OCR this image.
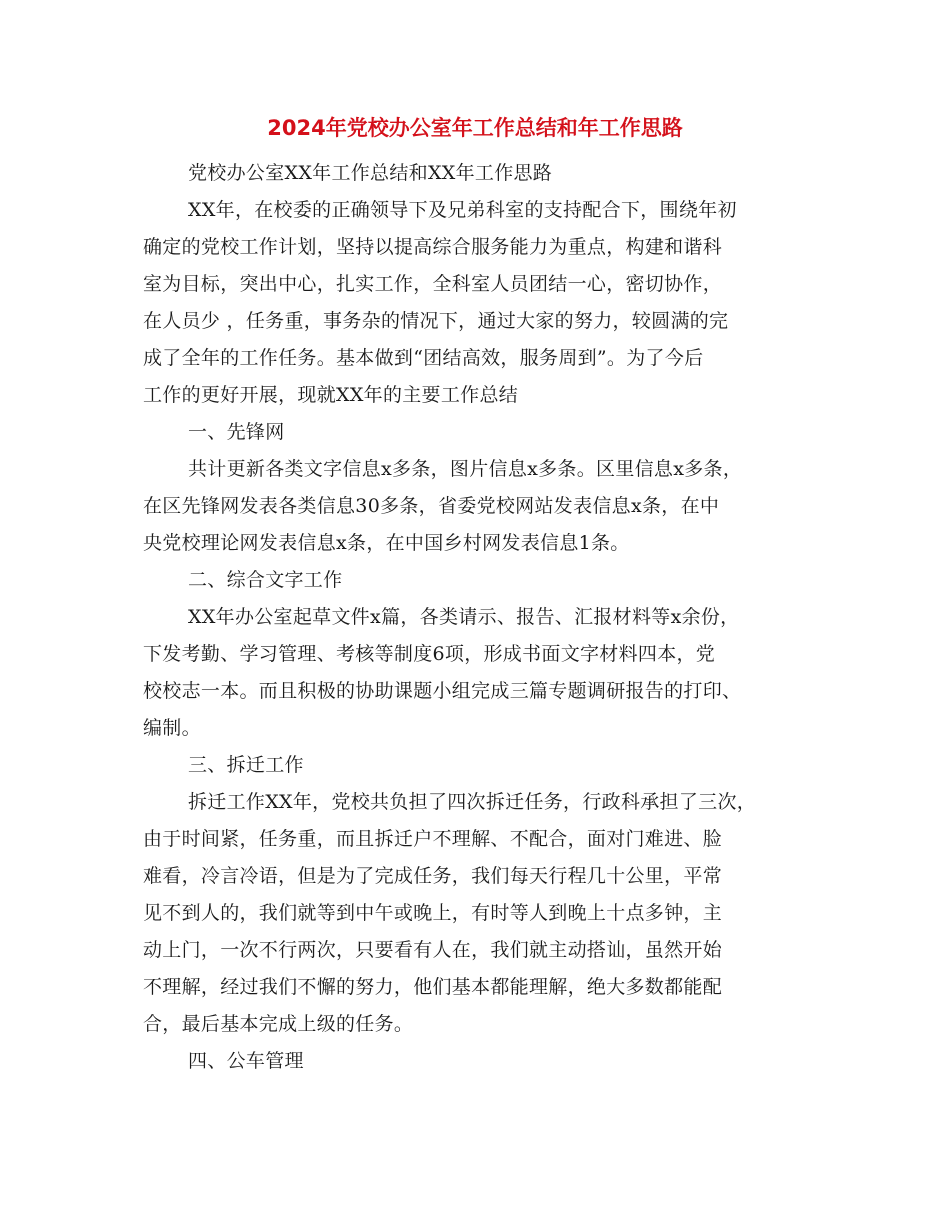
2024年党校办公室年工作总结和年工作思路
党校办公室XX年工作总结和XX年工作思路
XX年，在校委的正确领导下及兄弟科室的支持配合下，围绕年初
确定的党校工作计划，坚持以提高综合服务能力为重点，构建和谐科
室为目标，突出中心，扎实工作，全科室人员团结一心，密切协作，
在人员少 ，任务重，事务杂的情况下，通过大家的努力，较圆满的完
成了全年的工作任务。基本做到“团结高效，服务周到”。为了今后
工作的更好开展，现就XX年的主要工作总结
一、先锋网
共计更新各类文字信息x多条，图片信息x多条。区里信息x多条，
在区先锋网发表各类信息30多条，省委党校网站发表信息x条，在中
央党校理论网发表信息x条，在中国乡村网发表信息1条。
二、综合文字工作
XX年办公室起草文件x篇，各类请示、报告、汇报材料等x余份，
下发考勤、学习管理、考核等制度6项，形成书面文字材料四本，党
校校志一本。而且积极的协助课题小组完成三篇专题调研报告的打印、
编制。
三、拆迁工作
拆迁工作XX年，党校共负担了四次拆迁任务，行政科承担了三次，
由于时间紧，任务重，而且拆迁户不理解、不配合，面对门难进、脸
难看，冷言冷语，但是为了完成任务，我们每天行程几十公里，平常
见不到人的，我们就等到中午或晚上，有时等人到晚上十点多钟，主
动上门，一次不行两次，只要看有人在，我们就主动搭讪，虽然开始
不理解，经过我们不懈的努力，他们基本都能理解，绝大多数都能配
合，最后基本完成上级的任务。
四、公车管理
